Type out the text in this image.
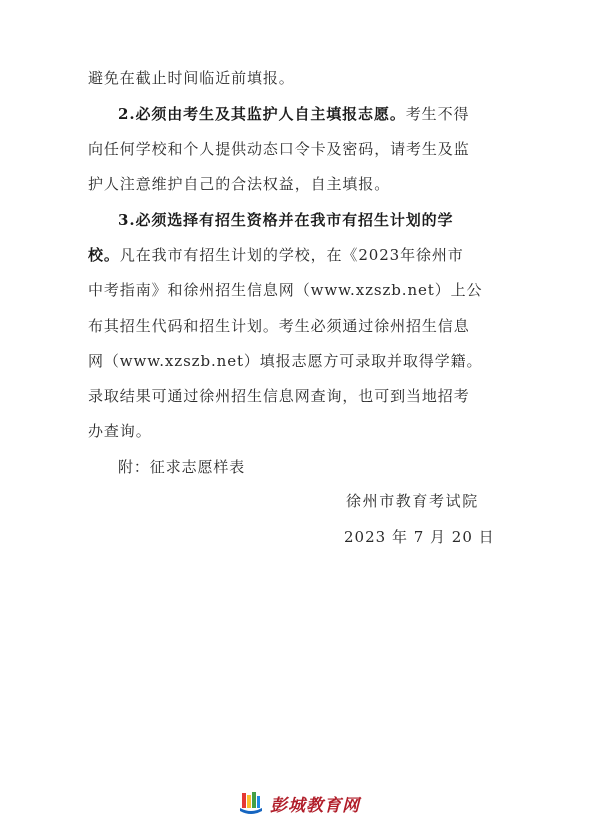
避免在截止时间临近前填报。
2.必须由考生及其监护人自主填报志愿。考生不得
向任何学校和个人提供动态口令卡及密码，请考生及监
护人注意维护自己的合法权益，自主填报。
3.必须选择有招生资格并在我市有招生计划的学
校。凡在我市有招生计划的学校，在《2023年徐州市
中考指南》和徐州招生信息网（www.xzszb.net）上公
布其招生代码和招生计划。考生必须通过徐州招生信息
网（www.xzszb.net）填报志愿方可录取并取得学籍。
录取结果可通过徐州招生信息网查询，也可到当地招考
办查询。
附：征求志愿样表
徐州市教育考试院
2023 年 7 月 20 日
彭城教育网
